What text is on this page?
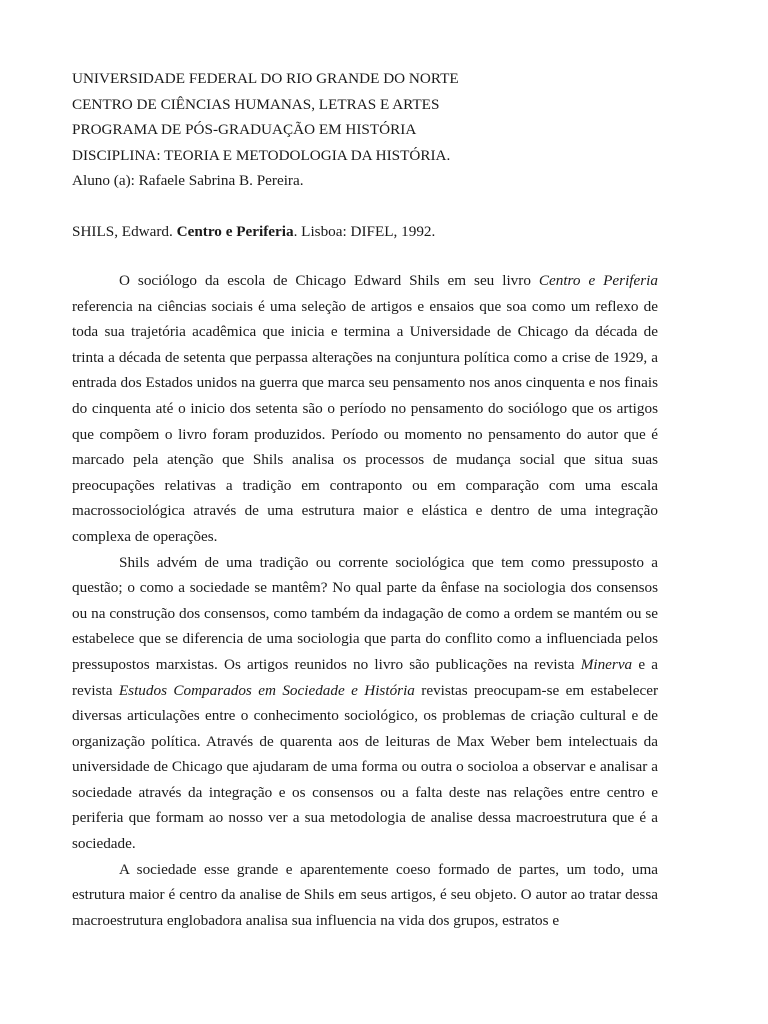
UNIVERSIDADE FEDERAL DO RIO GRANDE DO NORTE
CENTRO DE CIÊNCIAS HUMANAS, LETRAS E ARTES
PROGRAMA DE PÓS-GRADUAÇÃO EM HISTÓRIA
DISCIPLINA: TEORIA E METODOLOGIA DA HISTÓRIA.
Aluno (a): Rafaele Sabrina B. Pereira.
SHILS, Edward. Centro e Periferia. Lisboa: DIFEL, 1992.

O sociólogo da escola de Chicago Edward Shils em seu livro Centro e Periferia referencia na ciências sociais é uma seleção de artigos e ensaios que soa como um reflexo de toda sua trajetória acadêmica que inicia e termina a Universidade de Chicago da década de trinta a década de setenta que perpassa alterações na conjuntura política como a crise de 1929, a entrada dos Estados unidos na guerra que marca seu pensamento nos anos cinquenta e nos finais do cinquenta até o inicio dos setenta são o período no pensamento do sociólogo que os artigos que compõem o livro foram produzidos. Período ou momento no pensamento do autor que é marcado pela atenção que Shils analisa os processos de mudança social que situa suas preocupações relativas a tradição em contraponto ou em comparação com uma escala macrossociológica através de uma estrutura maior e elástica e dentro de uma integração complexa de operações.

Shils advém de uma tradição ou corrente sociológica que tem como pressuposto a questão; o como a sociedade se mantêm? No qual parte da ênfase na sociologia dos consensos ou na construção dos consensos, como também da indagação de como a ordem se mantém ou se estabelece que se diferencia de uma sociologia que parta do conflito como a influenciada pelos pressupostos marxistas. Os artigos reunidos no livro são publicações na revista Minerva e a revista Estudos Comparados em Sociedade e História revistas preocupam-se em estabelecer diversas articulações entre o conhecimento sociológico, os problemas de criação cultural e de organização política. Através de quarenta aos de leituras de Max Weber bem intelectuais da universidade de Chicago que ajudaram de uma forma ou outra o socioloa a observar e analisar a sociedade através da integração e os consensos ou a falta deste nas relações entre centro e periferia que formam ao nosso ver a sua metodologia de analise dessa macroestrutura que é a sociedade.

A sociedade esse grande e aparentemente coeso formado de partes, um todo, uma estrutura maior é centro da analise de Shils em seus artigos, é seu objeto. O autor ao tratar dessa macroestrutura englobadora analisa sua influencia na vida dos grupos, estratos e
